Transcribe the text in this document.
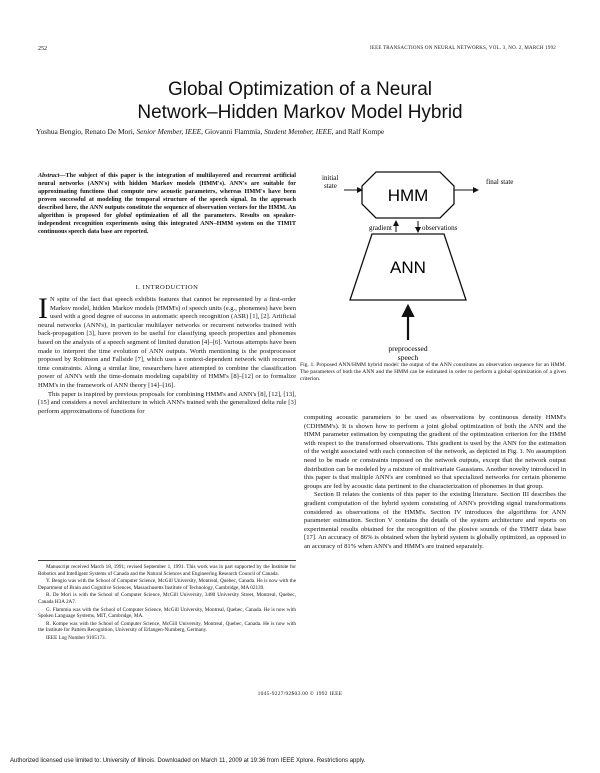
252	IEEE TRANSACTIONS ON NEURAL NETWORKS, VOL. 3, NO. 2, MARCH 1992
Global Optimization of a Neural
Network–Hidden Markov Model Hybrid
Yoshua Bengio, Renato De Mori, Senior Member, IEEE, Giovanni Flammia, Student Member, IEEE, and Ralf Kompe

Abstract—The subject of this paper is the integration of multilayered and recurrent artificial neural networks (ANN's) with hidden Markov models (HMM's). ANN's are suitable for approximating functions that compute new acoustic parameters, whereas HMM's have been proven successful at modeling the temporal structure of the speech signal. In the approach described here, the ANN outputs constitute the sequence of observation vectors for the HMM. An algorithm is proposed for global optimization of all the parameters. Results on speaker-independent recognition experiments using this integrated ANN–HMM system on the TIMIT continuous speech data base are reported.

I. INTRODUCTION

I N spite of the fact that speech exhibits features that cannot be represented by a first-order Markov model, hidden Markov models (HMM's) of speech units (e.g., phonemes) have been used with a good degree of success in automatic speech recognition (ASR) [1], [2]. Artificial neural networks (ANN's), in particular multilayer networks or recurrent networks trained with back-propagation [3], have proven to be useful for classifying speech properties and phonemes based on the analysis of a speech segment of limited duration [4]–[6]. Various attempts have been made to interpret the time evolution of ANN outputs. Worth mentioning is the postprocessor proposed by Robinson and Fallside [7], which uses a context-dependent network with recurrent time constraints. Along a similar line, researchers have attempted to combine the classification power of ANN's with the time-domain modeling capability of HMM's [8]–[12] or to formalize HMM's in the framework of ANN theory [14]–[16].

This paper is inspired by previous proposals for combining HMM's and ANN's [8], [12], [13], [15] and considers a novel architecture in which ANN's trained with the generalized delta rule [3] perform approximations of functions for

Manuscript received March 18, 1991; revised September 1, 1991. This work was in part supported by the Institute for Robotics and Intelligent Systems of Canada and the Natural Sciences and Engineering Research Council of Canada.

Y. Bengio was with the School of Computer Science, McGill University, Montreal, Quebec, Canada. He is now with the Department of Brain and Cognitive Sciences, Massachusetts Institute of Technology, Cambridge, MA 02139.

R. De Mori is with the School of Computer Science, McGill University, 3480 University Street, Montreal, Quebec, Canada H3A 2A7.

G. Flammia was with the School of Computer Science, McGill University, Montreal, Quebec, Canada. He is now with Spoken Language Systems, MIT, Cambridge, MA.

R. Kompe was with the School of Computer Science, McGill University, Montreal, Quebec, Canada. He is now with the Institute for Pattern Recognition, University of Erlangen-Nurnberg, Germany.

IEEE Log Number 9105173.

initial
state	HMM
final state
gradient	observations
ANN
preprocessed
speech
Fig. 1. Proposed ANN/HMM hybrid model: the output of the ANN constitutes an observation sequence for an HMM. The parameters of both the ANN and the HMM can be estimated in order to perform a global optimization of a given criterion.

computing acoustic parameters to be used as observations by continuous density HMM's (CDHMM's). It is shown how to perform a joint global optimization of both the ANN and the HMM parameter estimation by computing the gradient of the optimization criterion for the HMM with respect to the transformed observations. This gradient is used by the ANN for the estimation of the weight associated with each connection of the network, as depicted in Fig. 1. No assumption need to be made or constraints imposed on the network outputs, except that the network output distribution can be modeled by a mixture of multivariate Gaussians. Another novelty introduced in this paper is that multiple ANN's are combined so that specialized networks for certain phoneme groups are fed by acoustic data pertinent to the characterization of phonemes in that group.

Section II relates the contents of this paper to the existing literature. Section III describes the gradient computation of the hybrid system consisting of ANN's providing signal transformations considered as observations of the HMM's. Section IV introduces the algorithms for ANN parameter estimation. Section V contains the details of the system architecture and reports on experimental results obtained for the recognition of the plosive sounds of the TIMIT data base [17]. An accuracy of 86% is obtained when the hybrid system is globally optimized, as opposed to an accuracy of 81% when ANN's and HMM's are trained separately.

1045-9227/92$03.00 © 1992 IEEE
Authorized licensed use limited to: University of Illinois. Downloaded on March 11, 2009 at 19:36 from IEEE Xplore. Restrictions apply.
